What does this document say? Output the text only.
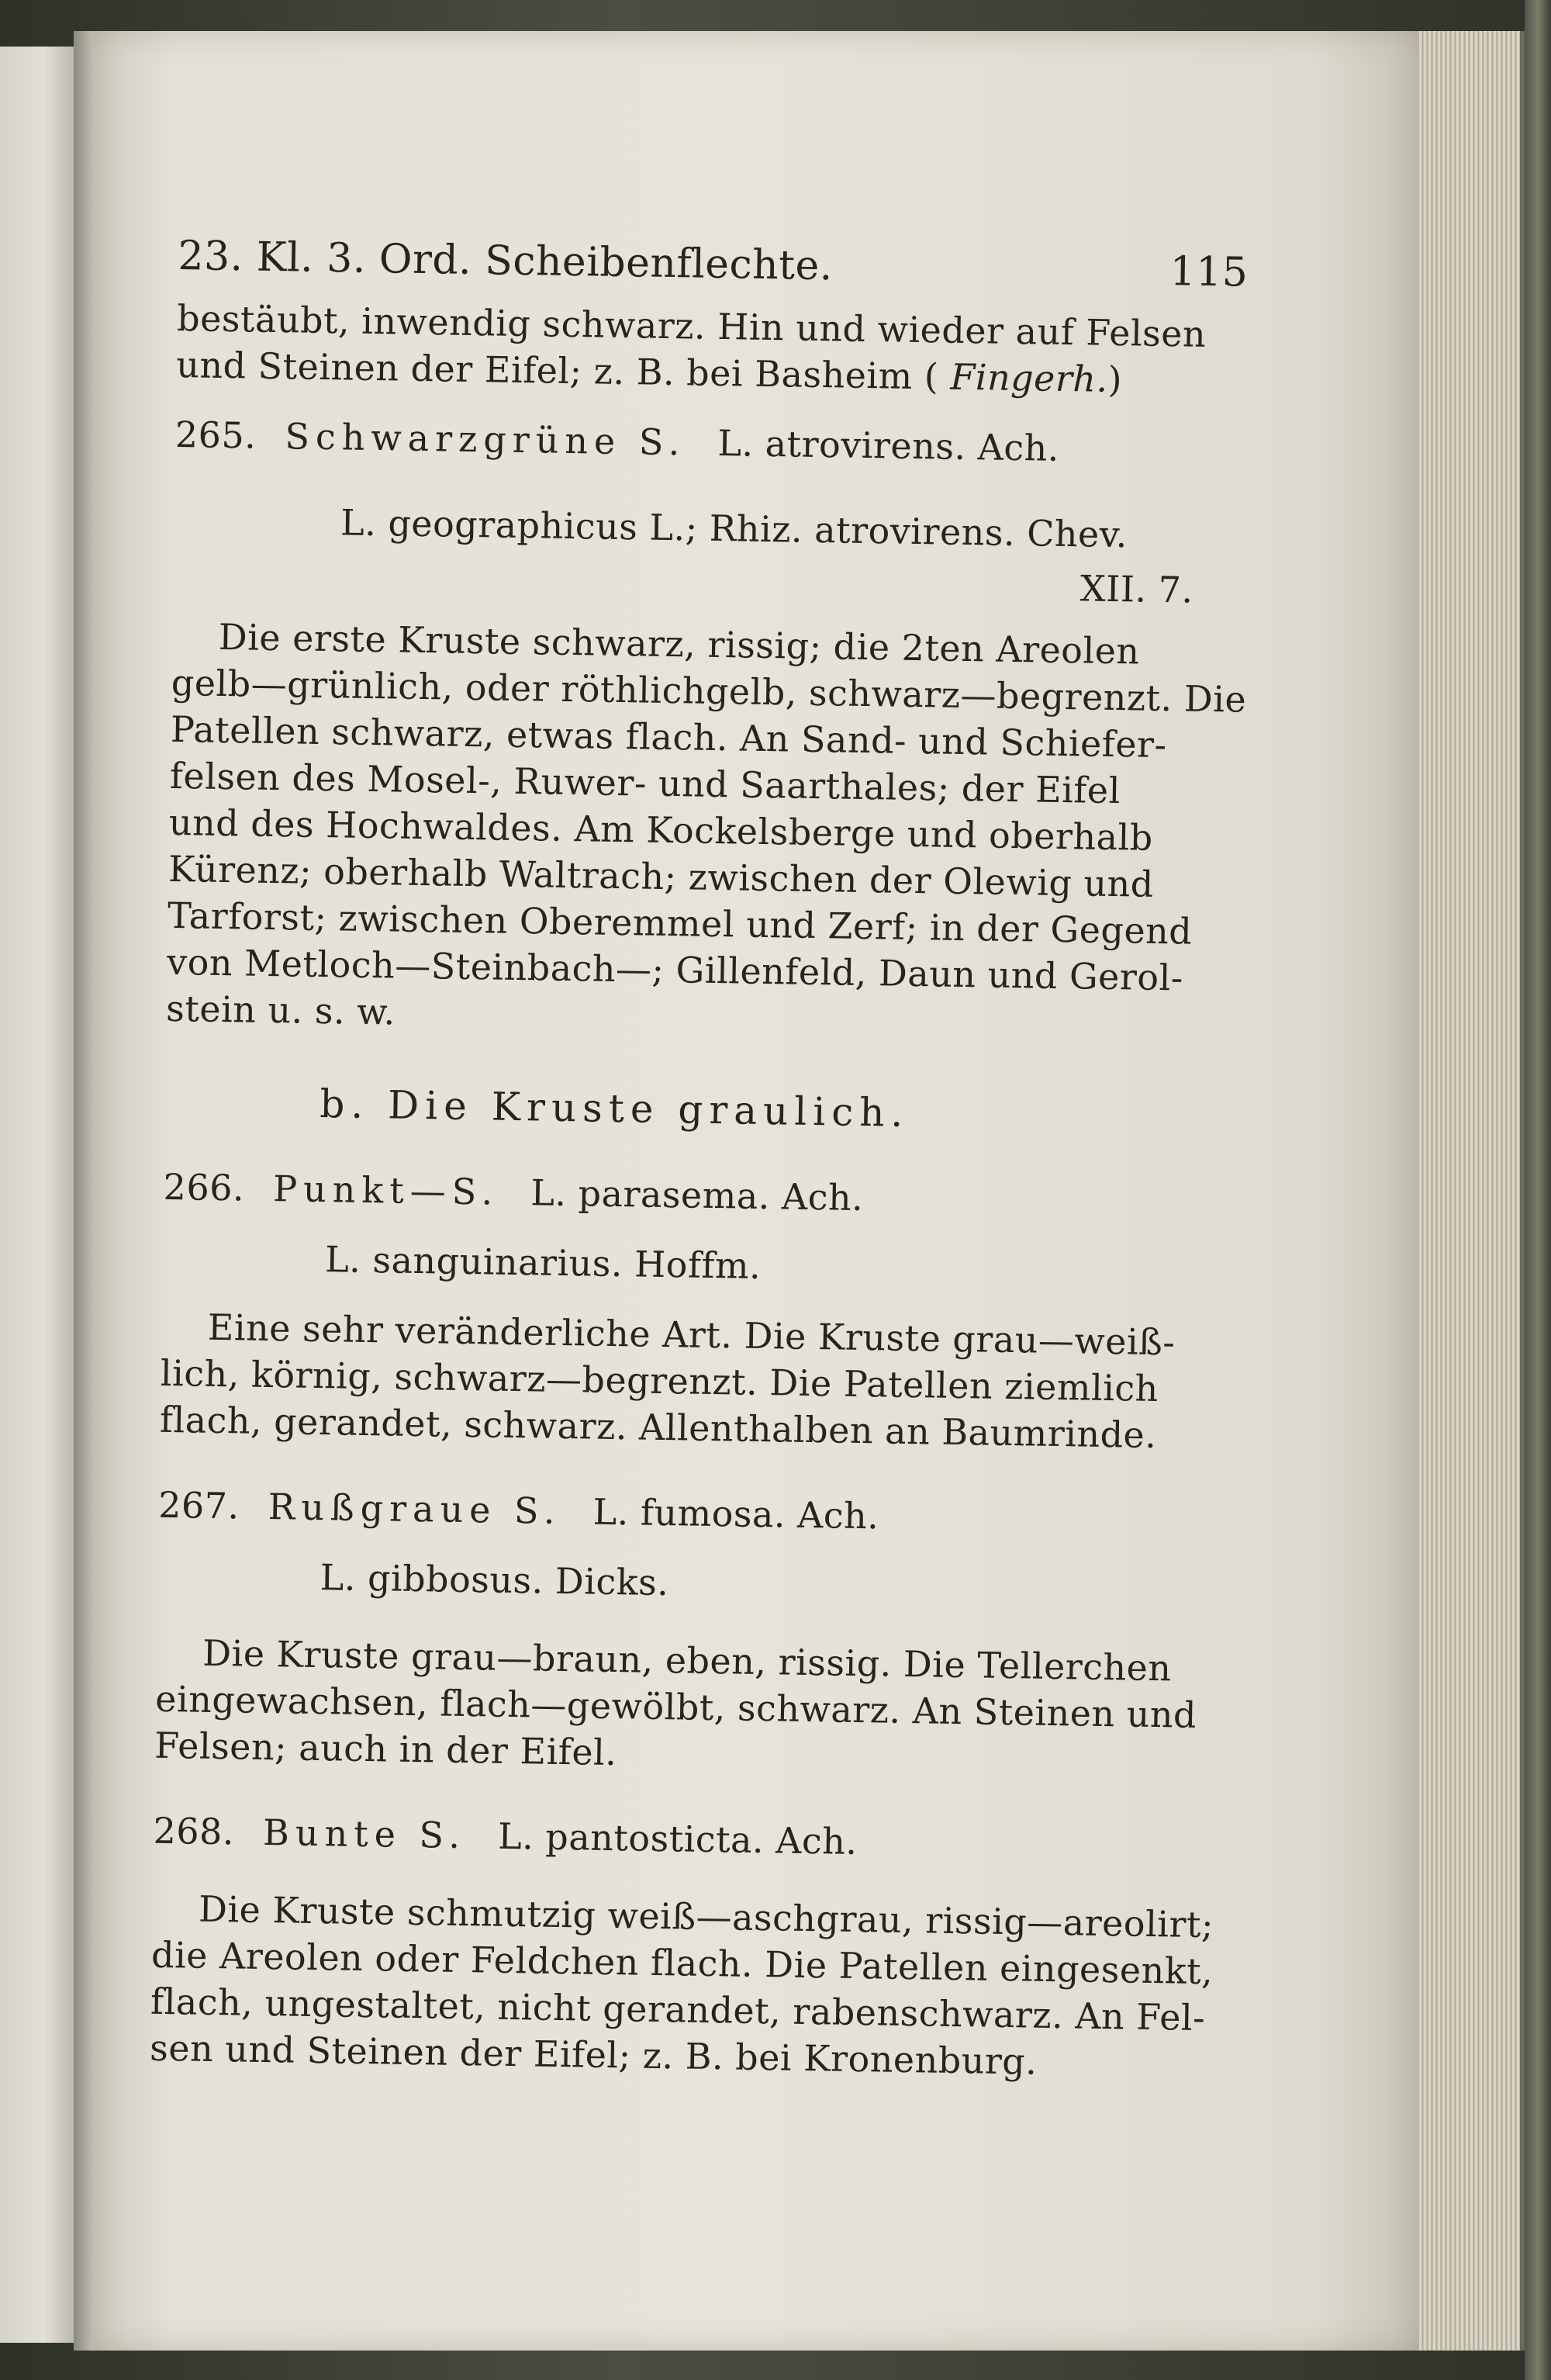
23. Kl. 3. Ord. Scheibenflechte.	115
bestäubt, inwendig schwarz. Hin und wieder auf Felsen
und Steinen der Eifel; z. B. bei Basheim ( Fingerh.)
265. Schwarzgrüne S. L. atrovirens. Ach.
L. geographicus L.; Rhiz. atrovirens. Chev.
XII. 7.
Die erste Kruste schwarz, rissig; die 2ten Areolen
gelb—grünlich, oder röthlichgelb, schwarz—begrenzt. Die
Patellen schwarz, etwas flach. An Sand- und Schiefer-
felsen des Mosel-, Ruwer- und Saarthales; der Eifel
und des Hochwaldes. Am Kockelsberge und oberhalb
Kürenz; oberhalb Waltrach; zwischen der Olewig und
Tarforst; zwischen Oberemmel und Zerf; in der Gegend
von Metloch—Steinbach—; Gillenfeld, Daun und Gerol-
stein u. s. w.
b. Die Kruste graulich.
266. Punkt—S. L. parasema. Ach.
L. sanguinarius. Hoffm.
Eine sehr veränderliche Art. Die Kruste grau—weiß-
lich, körnig, schwarz—begrenzt. Die Patellen ziemlich
flach, gerandet, schwarz. Allenthalben an Baumrinde.
267. Rußgraue S. L. fumosa. Ach.
L. gibbosus. Dicks.
Die Kruste grau—braun, eben, rissig. Die Tellerchen
eingewachsen, flach—gewölbt, schwarz. An Steinen und
Felsen; auch in der Eifel.
268. Bunte S. L. pantosticta. Ach.
Die Kruste schmutzig weiß—aschgrau, rissig—areolirt;
die Areolen oder Feldchen flach. Die Patellen eingesenkt,
flach, ungestaltet, nicht gerandet, rabenschwarz. An Fel-
sen und Steinen der Eifel; z. B. bei Kronenburg.
